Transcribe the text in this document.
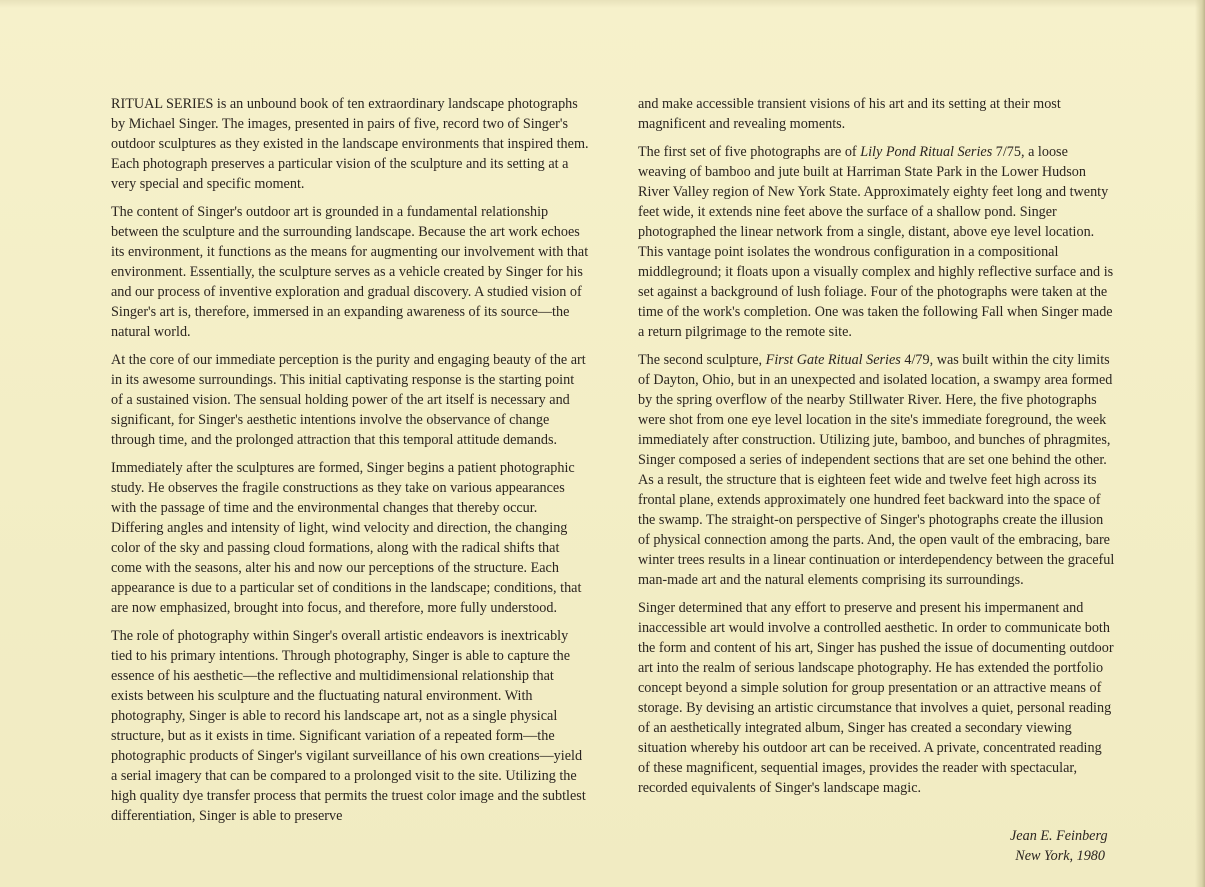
RITUAL SERIES is an unbound book of ten extraordinary landscape photographs by Michael Singer. The images, presented in pairs of five, record two of Singer's outdoor sculptures as they existed in the landscape environments that inspired them. Each photograph preserves a particular vision of the sculpture and its setting at a very special and specific moment.

The content of Singer's outdoor art is grounded in a fundamental relationship between the sculpture and the surrounding landscape. Because the art work echoes its environment, it functions as the means for augmenting our involvement with that environment. Essentially, the sculpture serves as a vehicle created by Singer for his and our process of inventive exploration and gradual discovery. A studied vision of Singer's art is, therefore, immersed in an expanding awareness of its source—the natural world.

At the core of our immediate perception is the purity and engaging beauty of the art in its awesome surroundings. This initial captivating response is the starting point of a sustained vision. The sensual holding power of the art itself is necessary and significant, for Singer's aesthetic intentions involve the observance of change through time, and the prolonged attraction that this temporal attitude demands.

Immediately after the sculptures are formed, Singer begins a patient photographic study. He observes the fragile constructions as they take on various appearances with the passage of time and the environmental changes that thereby occur. Differing angles and intensity of light, wind velocity and direction, the changing color of the sky and passing cloud formations, along with the radical shifts that come with the seasons, alter his and now our perceptions of the structure. Each appearance is due to a particular set of conditions in the landscape; conditions, that are now emphasized, brought into focus, and therefore, more fully understood.

The role of photography within Singer's overall artistic endeavors is inextricably tied to his primary intentions. Through photography, Singer is able to capture the essence of his aesthetic—the reflective and multidimensional relationship that exists between his sculpture and the fluctuating natural environment. With photography, Singer is able to record his landscape art, not as a single physical structure, but as it exists in time. Significant variation of a repeated form—the photographic products of Singer's vigilant surveillance of his own creations—yield a serial imagery that can be compared to a prolonged visit to the site. Utilizing the high quality dye transfer process that permits the truest color image and the subtlest differentiation, Singer is able to preserve

and make accessible transient visions of his art and its setting at their most magnificent and revealing moments.

The first set of five photographs are of Lily Pond Ritual Series 7/75, a loose weaving of bamboo and jute built at Harriman State Park in the Lower Hudson River Valley region of New York State. Approximately eighty feet long and twenty feet wide, it extends nine feet above the surface of a shallow pond. Singer photographed the linear network from a single, distant, above eye level location. This vantage point isolates the wondrous configuration in a compositional middleground; it floats upon a visually complex and highly reflective surface and is set against a background of lush foliage. Four of the photographs were taken at the time of the work's completion. One was taken the following Fall when Singer made a return pilgrimage to the remote site.

The second sculpture, First Gate Ritual Series 4/79, was built within the city limits of Dayton, Ohio, but in an unexpected and isolated location, a swampy area formed by the spring overflow of the nearby Stillwater River. Here, the five photographs were shot from one eye level location in the site's immediate foreground, the week immediately after construction. Utilizing jute, bamboo, and bunches of phragmites, Singer composed a series of independent sections that are set one behind the other. As a result, the structure that is eighteen feet wide and twelve feet high across its frontal plane, extends approximately one hundred feet backward into the space of the swamp. The straight-on perspective of Singer's photographs create the illusion of physical connection among the parts. And, the open vault of the embracing, bare winter trees results in a linear continuation or interdependency between the graceful man-made art and the natural elements comprising its surroundings.

Singer determined that any effort to preserve and present his impermanent and inaccessible art would involve a controlled aesthetic. In order to communicate both the form and content of his art, Singer has pushed the issue of documenting outdoor art into the realm of serious landscape photography. He has extended the portfolio concept beyond a simple solution for group presentation or an attractive means of storage. By devising an artistic circumstance that involves a quiet, personal reading of an aesthetically integrated album, Singer has created a secondary viewing situation whereby his outdoor art can be received. A private, concentrated reading of these magnificent, sequential images, provides the reader with spectacular, recorded equivalents of Singer's landscape magic.

Jean E. Feinberg
New York, 1980
